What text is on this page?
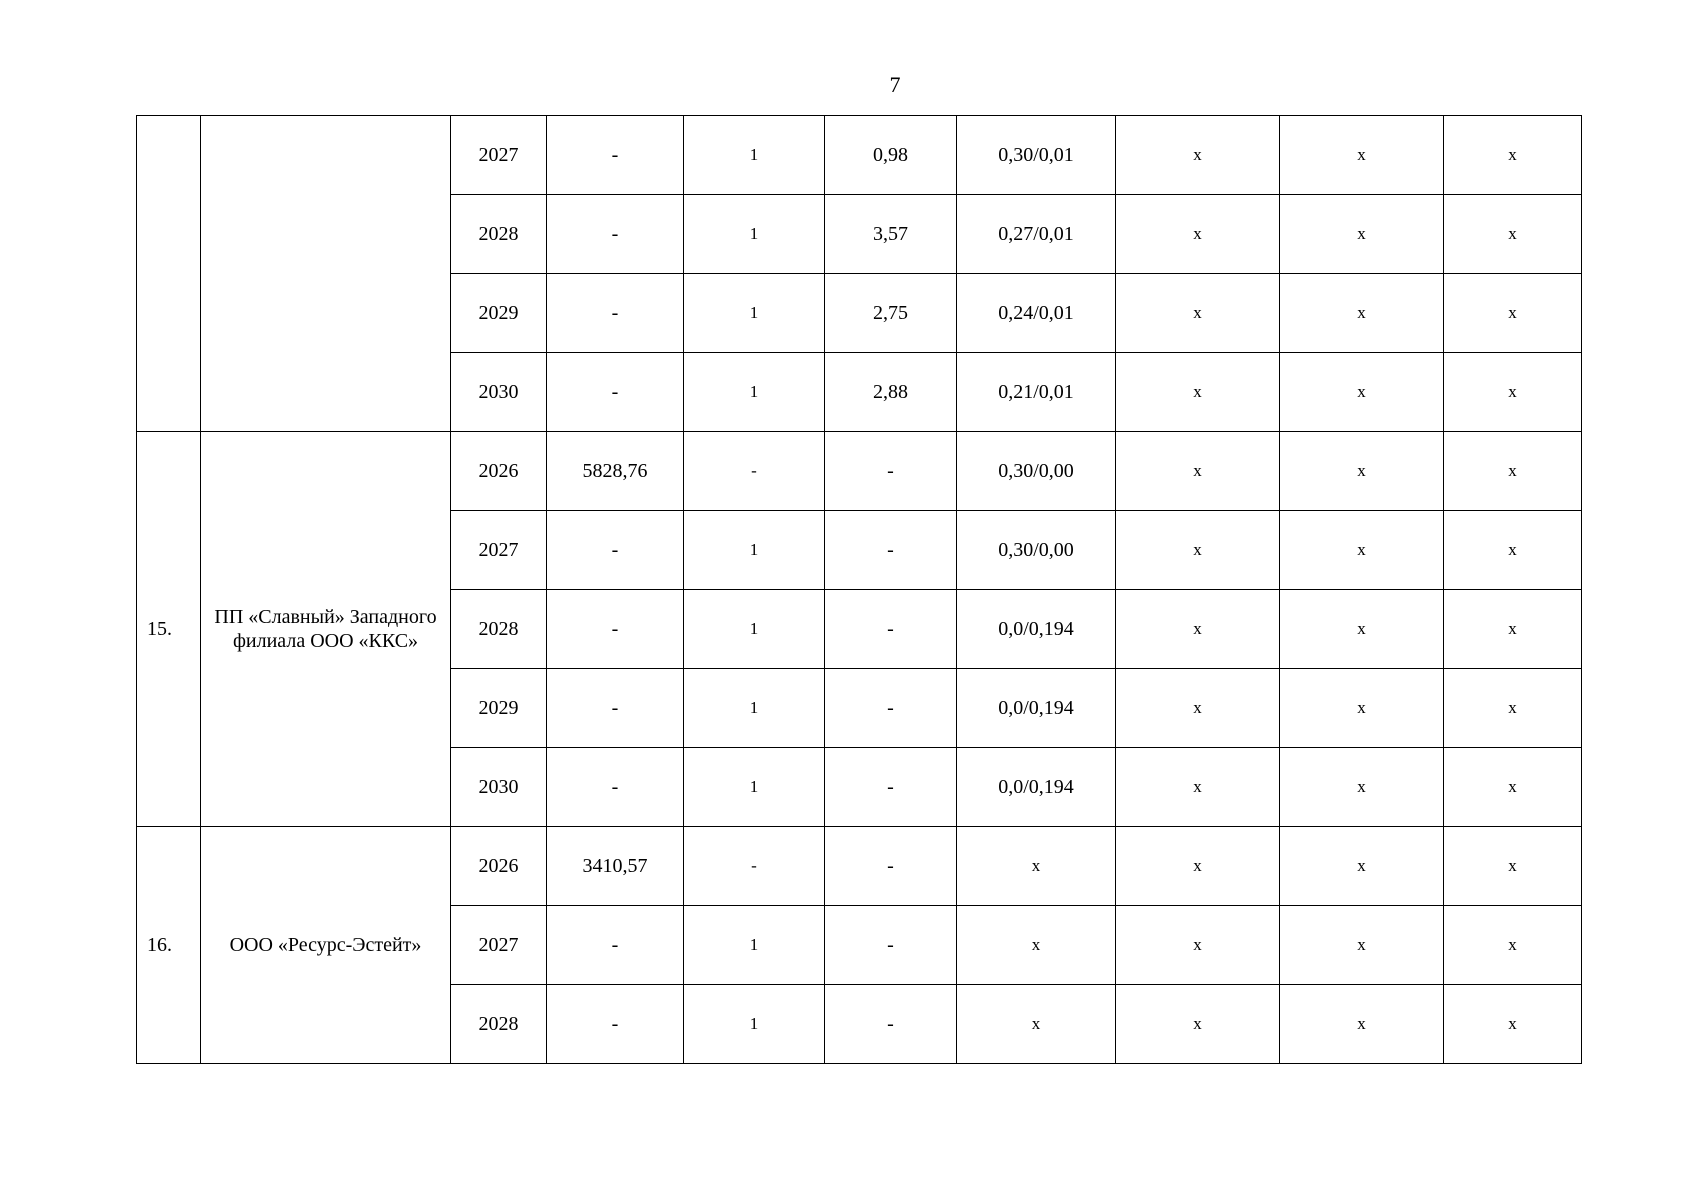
7
		2027	-	1	0,98	0,30/0,01	х	х	х
		2028	-	1	3,57	0,27/0,01	х	х	х
		2029	-	1	2,75	0,24/0,01	х	х	х
		2030	-	1	2,88	0,21/0,01	х	х	х
15.	ПП «Славный» Западного филиала ООО «ККС»	2026	5828,76	-	-	0,30/0,00	х	х	х
		2027	-	1	-	0,30/0,00	х	х	х
		2028	-	1	-	0,0/0,194	х	х	х
		2029	-	1	-	0,0/0,194	х	х	х
		2030	-	1	-	0,0/0,194	х	х	х
16.	ООО «Ресурс-Эстейт»	2026	3410,57	-	-	х	х	х	х
		2027	-	1	-	х	х	х	х
		2028	-	1	-	х	х	х	х
